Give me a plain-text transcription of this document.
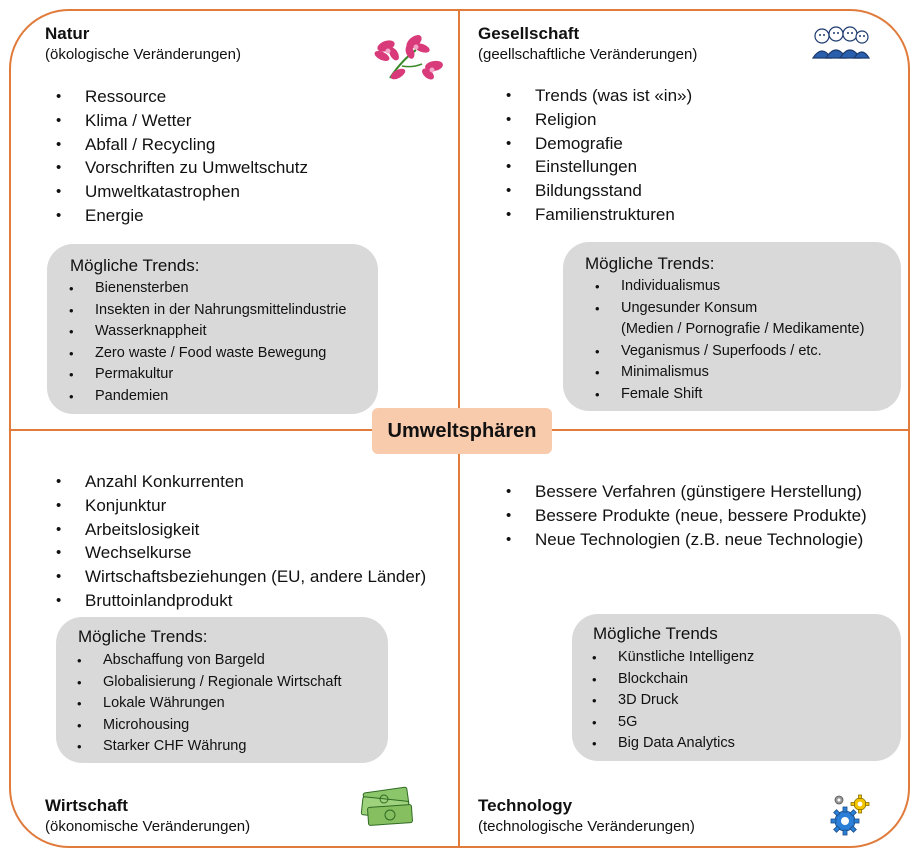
Natur
(ökologische Veränderungen)
• Ressource
• Klima / Wetter
• Abfall / Recycling
• Vorschriften zu Umweltschutz
• Umweltkatastrophen
• Energie
Mögliche Trends:
• Bienensterben
• Insekten in der Nahrungsmittelindustrie
• Wasserknappheit
• Zero waste / Food waste Bewegung
• Permakultur
• Pandemien
Gesellschaft
(geellschaftliche Veränderungen)
• Trends (was ist «in»)
• Religion
• Demografie
• Einstellungen
• Bildungsstand
• Familienstrukturen
Mögliche Trends:
• Individualismus
• Ungesunder Konsum
(Medien / Pornografie / Medikamente)
• Veganismus / Superfoods / etc.
• Minimalismus
• Female Shift
Umweltsphären
• Anzahl Konkurrenten
• Konjunktur
• Arbeitslosigkeit
• Wechselkurse
• Wirtschaftsbeziehungen (EU, andere Länder)
• Bruttoinlandprodukt
Mögliche Trends:
• Abschaffung von Bargeld
• Globalisierung / Regionale Wirtschaft
• Lokale Währungen
• Microhousing
• Starker CHF Währung
Wirtschaft
(ökonomische Veränderungen)
• Bessere Verfahren (günstigere Herstellung)
• Bessere Produkte (neue, bessere Produkte)
• Neue Technologien (z.B. neue Technologie)
Mögliche Trends
• Künstliche Intelligenz
• Blockchain
• 3D Druck
• 5G
• Big Data Analytics
Technology
(technologische Veränderungen)
